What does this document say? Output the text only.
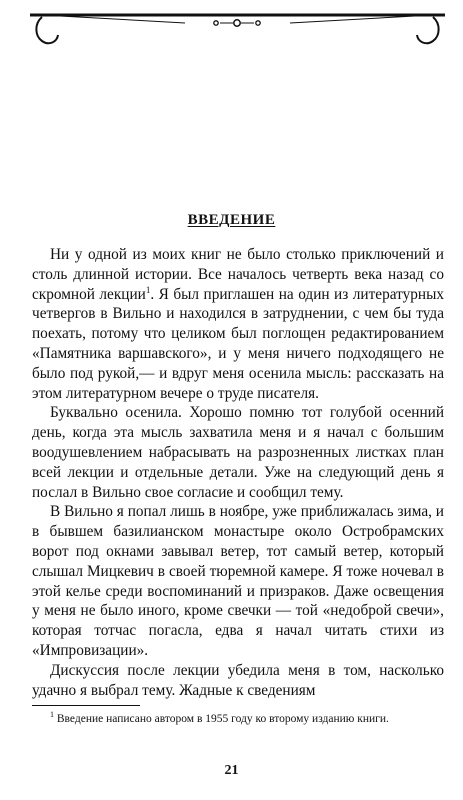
ВВЕДЕНИЕ

Ни у одной из моих книг не было столько приключений и столь длинной истории. Все началось четверть века назад со скромной лекции$^1$. Я был приглашен на один из литературных четвергов в Вильно и находился в затруднении, с чем бы туда поехать, потому что целиком был поглощен редактированием «Памятника варшавского», и у меня ничего подходящего не было под рукой,— и вдруг меня осенила мысль: рассказать на этом литературном вечере о труде писателя.

Буквально осенила. Хорошо помню тот голубой осенний день, когда эта мысль захватила меня и я начал с большим воодушевлением набрасывать на разрозненных листках план всей лекции и отдельные детали. Уже на следующий день я послал в Вильно свое согласие и сообщил тему.

В Вильно я попал лишь в ноябре, уже приближалась зима, и в бывшем базилианском монастыре около Остробрамских ворот под окнами завывал ветер, тот самый ветер, который слышал Мицкевич в своей тюремной камере. Я тоже ночевал в этой келье среди воспоминаний и призраков. Даже освещения у меня не было иного, кроме свечки — той «недоброй свечи», которая тотчас погасла, едва я начал читать стихи из «Импровизации».

Дискуссия после лекции убедила меня в том, насколько удачно я выбрал тему. Жадные к сведениям

$^1$ Введение написано автором в 1955 году ко второму изданию книги.
21
